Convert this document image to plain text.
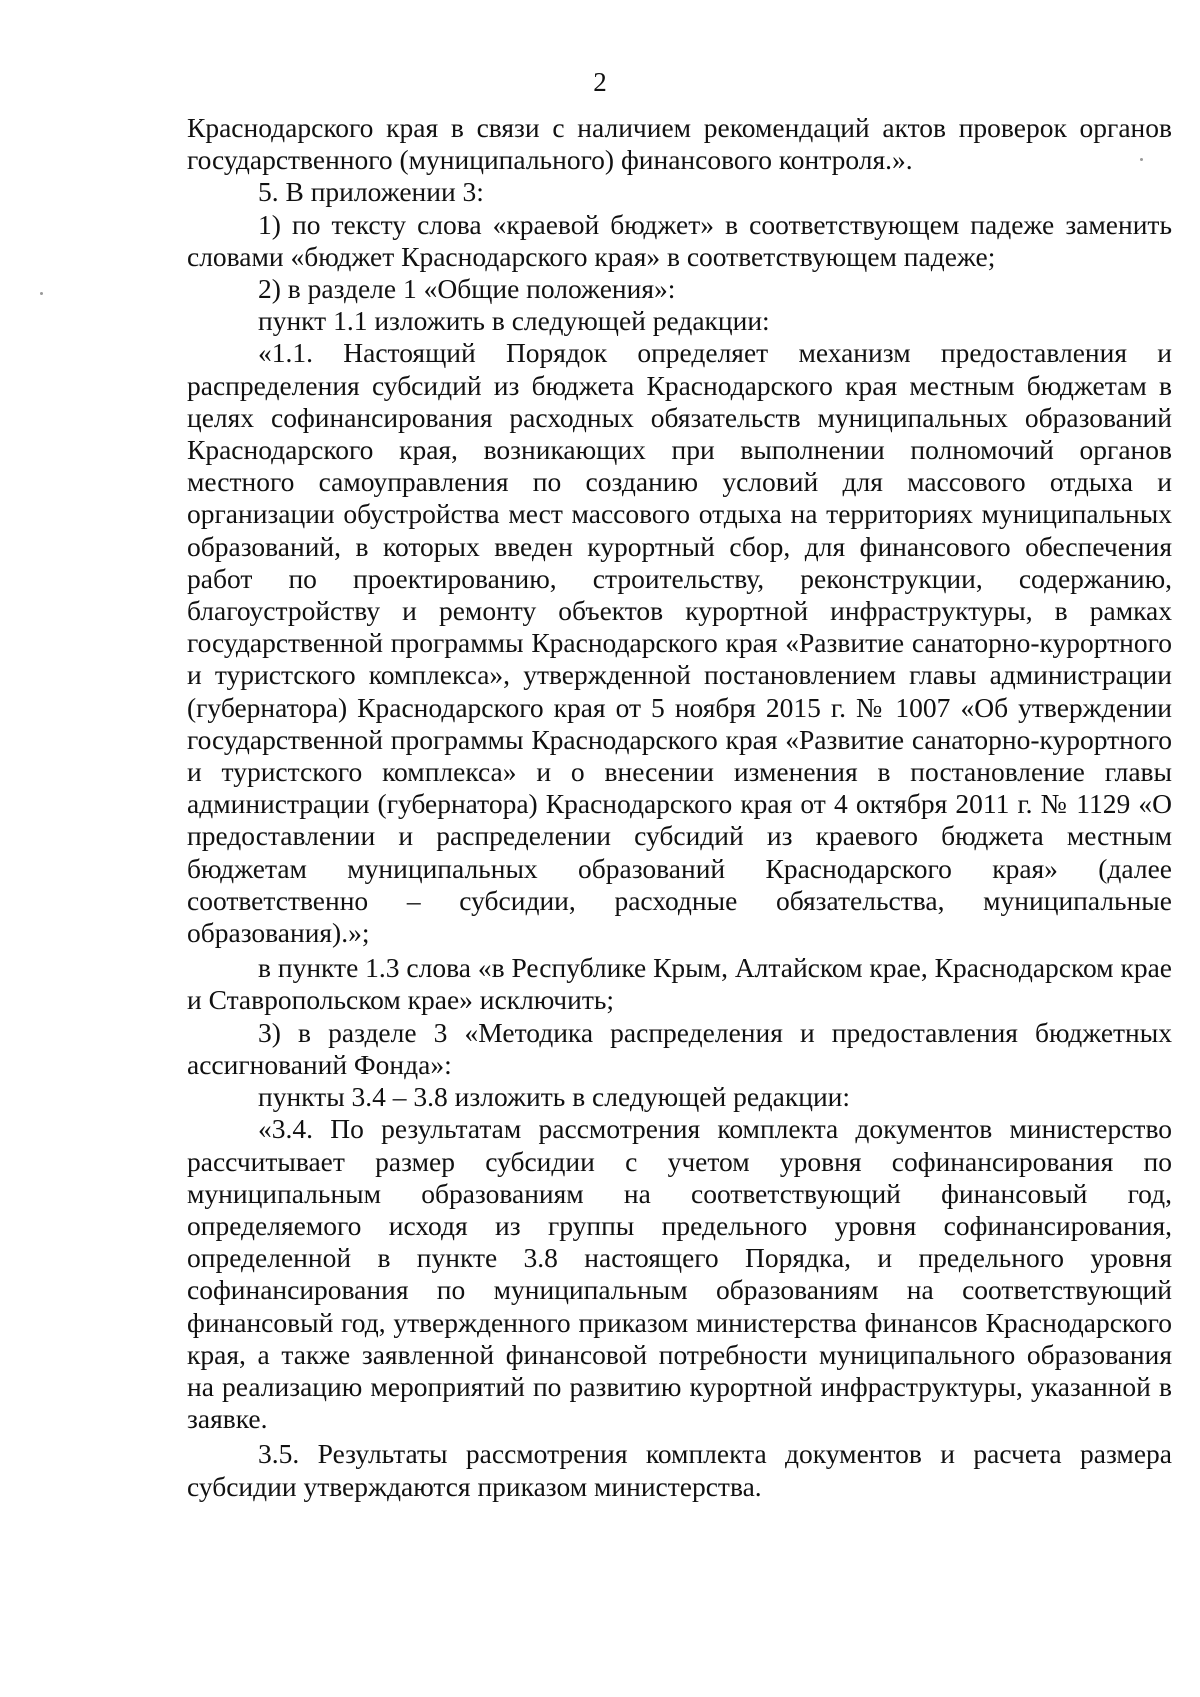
2

Краснодарского края в связи с наличием рекомендаций актов проверок органов государственного (муниципального) финансового контроля.».

5. В приложении 3:

1) по тексту слова «краевой бюджет» в соответствующем падеже заменить словами «бюджет Краснодарского края» в соответствующем падеже;

2) в разделе 1 «Общие положения»:

пункт 1.1 изложить в следующей редакции:

«1.1. Настоящий Порядок определяет механизм предоставления и распределения субсидий из бюджета Краснодарского края местным бюджетам в целях софинансирования расходных обязательств муниципальных образований Краснодарского края, возникающих при выполнении полномочий органов местного самоуправления по созданию условий для массового отдыха и организации обустройства мест массового отдыха на территориях муниципальных образований, в которых введен курортный сбор, для финансового обеспечения работ по проектированию, строительству, реконструкции, содержанию, благоустройству и ремонту объектов курортной инфраструктуры, в рамках государственной программы Краснодарского края «Развитие санаторно-курортного и туристского комплекса», утвержденной постановлением главы администрации (губернатора) Краснодарского края от 5 ноября 2015 г. № 1007 «Об утверждении государственной программы Краснодарского края «Развитие санаторно-курортного и туристского комплекса» и о внесении изменения в постановление главы администрации (губернатора) Краснодарского края от 4 октября 2011 г. № 1129 «О предоставлении и распределении субсидий из краевого бюджета местным бюджетам муниципальных образований Краснодарского края» (далее соответственно – субсидии, расходные обязательства, муниципальные образования).»;

в пункте 1.3 слова «в Республике Крым, Алтайском крае, Краснодарском крае и Ставропольском крае» исключить;

3) в разделе 3 «Методика распределения и предоставления бюджетных ассигнований Фонда»:

пункты 3.4 – 3.8 изложить в следующей редакции:

«3.4. По результатам рассмотрения комплекта документов министерство рассчитывает размер субсидии с учетом уровня софинансирования по муниципальным образованиям на соответствующий финансовый год, определяемого исходя из группы предельного уровня софинансирования, определенной в пункте 3.8 настоящего Порядка, и предельного уровня софинансирования по муниципальным образованиям на соответствующий финансовый год, утвержденного приказом министерства финансов Краснодарского края, а также заявленной финансовой потребности муниципального образования на реализацию мероприятий по развитию курортной инфраструктуры, указанной в заявке.

3.5. Результаты рассмотрения комплекта документов и расчета размера субсидии утверждаются приказом министерства.
